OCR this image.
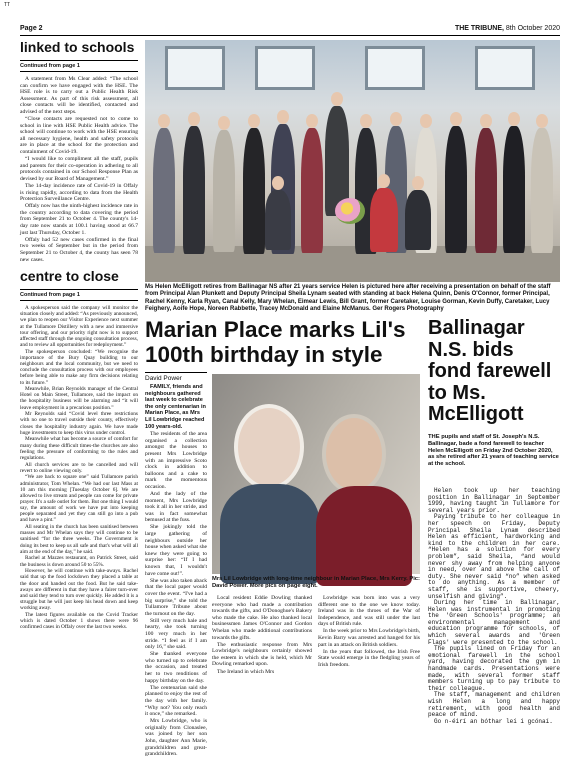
TT
Page 2	THE TRIBUNE, 8th October 2020
linked to schools
Continued from page 1

A statement from Ms Clear added: “The school can confirm we have engaged with the HSE. The HSE role is to carry out a Public Health Risk Assessment. As part of this risk assessment, all close contacts will be identified, contacted and advised of the next steps.

“Close contacts are requested not to come to school in line with HSE Public Health advice. The school will continue to work with the HSE ensuring all necessary hygiene, health and safety protocols are in place at the school for the protection and containment of Covid-19.

“I would like to compliment all the staff, pupils and parents for their co-operation in adhering to all protocols contained in our School Response Plan as devised by our Board of Management.”

The 14-day incidence rate of Covid-19 in Offaly is rising rapidly, according to data from the Health Protection Surveillance Centre.

Offaly now has the ninth-highest incidence rate in the country according to data covering the period from September 21 to October 4. The county's 14-day rate now stands at 100.1 having stood at 66.7 just last Thursday, October 1.

Offaly had 52 new cases confirmed in the final two weeks of September but in the period from September 21 to October 4, the county has seen 78 new cases.

centre to close
Continued from page 1

A spokesperson said the company will monitor the situation closely and added: “As previously announced, we plan to reopen our Visitor Experience next summer at the Tullamore Distillery with a new and immersive tour offering, and our priority right now is to support affected staff through the ongoing consultation process, and to review all opportunities for redeployment.”

The spokesperson concluded: “We recognise the importance of the Bury Quay building to our neighbours and the local community, but we need to conclude the consultation process with our employees before being able to make any firm decisions relating to its future.”

Meanwhile, Brian Reynolds manager of the Central Hotel on Main Street, Tullamore, said the impact on the hospitality business will be alarming and “it will leave employment in a precarious position.”

Mr Reynolds said “Covid level three restrictions with no one to travel outside their county, effectively closes the hospitality industry again. We have made huge investments to keep this virus under control.

Meanwhile what has become a source of comfort for many during these difficult times-the churches are also feeling the pressure of conforming to the rules and regulations.

All church services are to be cancelled and will revert to online viewing only.

“We are back to square one” said Tullamore parish administrator, Tom Whelan. “We had our last Mass at 10 am this morning [Tuesday October 6]. We are allowed to live stream and people can come for private prayer. It's a safe outlet for them. But one thing I would say, the amount of work we have put into keeping people separated and yet they can still go into a pub and have a pint.”

All seating in the church has been sanitised between masses and Mr Whelan says they will continue to be sanitised “for the three weeks. The Government is doing its best to keep us all safe and that's what will all aim at the end of the day,” he said.

Rachel at Mazzes restaurant, on Patrick Street, said the business is down around 50 to 55%.

However, he will continue with take-aways. Rachel said that up the food lockdown they placed a table at the door and handed out the food. But he said take-aways are different in that they have a fairer turn-over and said they tend to turn over quickly. He added it is a struggle but he will just keep his head down and keep working away.

The latest figures available on the Covid Tracker which is dated October 1 shows there were 96 confirmed cases in Offaly over the last two weeks.

Ms Helen McElligott retires from Ballinagar NS after 21 years service Helen is pictured here after receiving a presentation on behalf of the staff from Principal Alan Plunkett and Deputy Principal Sheila Lynam seated with standing at back Helena Quinn, Denis O'Connor, former Principal, Rachel Kenny, Karla Ryan, Canal Kelly, Mary Whelan, Eimear Lewis, Bill Grant, former Caretaker, Louise Gorman, Kevin Duffy, Caretaker, Lucy Feighery, Aoife Hope, Noreen Rabbette, Tracey McDonald and Elaine McManus. Ger Rogers Photography
Marian Place marks Lil's 100th birthday in style
David Power

FAMILY, friends and neighbours gathered last week to celebrate the only centenarian in Marian Place, as Mrs Lil Lowbridge reached 100 years-old.

The residents of the area organised a collection amongst the houses to present Mrs Lowbridge with an impressive Scoto clock in addition to balloons and a cake to mark the momentous occasion.

And the lady of the moment, Mrs Lowbridge took it all in her stride, and was in fact somewhat bemused at the fuss.

She jokingly told the large gathering of neighbours outside her house when asked what she knew they were going to surprise her: “If I had known that, I wouldn't have come out!”.

She was also taken aback that the local paper would cover the event. “I've had a big surprise,” she told the Tullamore Tribune about the turnout on the day.

Still very much hale and hearty, she took turning 100 very much in her stride. “I feel as if I am only 16,” she said.

She thanked everyone who turned up to celebrate the occasion, and treated her to two renditions of happy birthday on the day.

The centenarian said she planned to enjoy the rest of the day with her family. “Why not? You only reach it once,” she remarked.

Mrs Lowbridge, who is originally from Clonaslee, was joined by her son John, daughter Ann Marie, grandchildren and great-grandchildren.

Mrs Lil Lowbridge with long-time neighbour in Marian Place, Mrs Kerry. Pic: David Power. More pics on page eight.

Local resident Eddie Dowling thanked everyone who had made a contribution towards the gifts, and O'Donoghue's Bakery who made the cake. He also thanked local businessmen James O'Connor and Gordon Whelan who made additional contributions towards the gifts.

The enthusiastic response from Mrs Lowbridge's neighbours certainly showed the esteem in which she is held, which Mr Dowling remarked upon.

The Ireland in which Mrs

Lowbridge was born into was a very different one to the one we know today. Ireland was in the throes of the War of Independence, and was still under the last days of British rule.

In the week prior to Mrs Lowbridge's birth, Kevin Barry was arrested and hanged for his part in an attack on British soldiers.

In the years that followed, the Irish Free State would emerge in the fledgling years of Irish freedom.

Ballinagar N.S. bids fond farewell to Ms. McElligott
THE pupils and staff of St. Joseph's N.S. Ballinagar, bade a fond farewell to teacher Helen McElligott on Friday 2nd October 2020, as she retired after 21 years of teaching service at the school.

Helen took up her teaching position in Ballinagar in September 1999, having taught in Tullamore for several years prior.

Paying tribute to her colleague in her speech on Friday, Deputy Principal Sheila Lynam described Helen as efficient, hardworking and kind to the children in her care. “Helen has a solution for every problem”, said Sheila, “and would never shy away from helping anyone in need, over and above the call of duty. She never said “no” when asked to do anything. As a member of staff, she is supportive, cheery, unselfish and giving”.

During her time in Ballinagar, Helen was instrumental in promoting the 'Green Schools' programme; an environmental management and education programme for schools, of which several awards and 'Green Flags' were presented to the school.

The pupils lined on Friday for an emotional farewell in the school yard, having decorated the gym in handmade cards. Presentations were made, with several former staff members turning up to pay tribute to their colleague.

The staff, management and children wish Helen a long and happy retirement, with good health and peace of mind.

Go n-éirí an bóthar leí i gcónaí.
